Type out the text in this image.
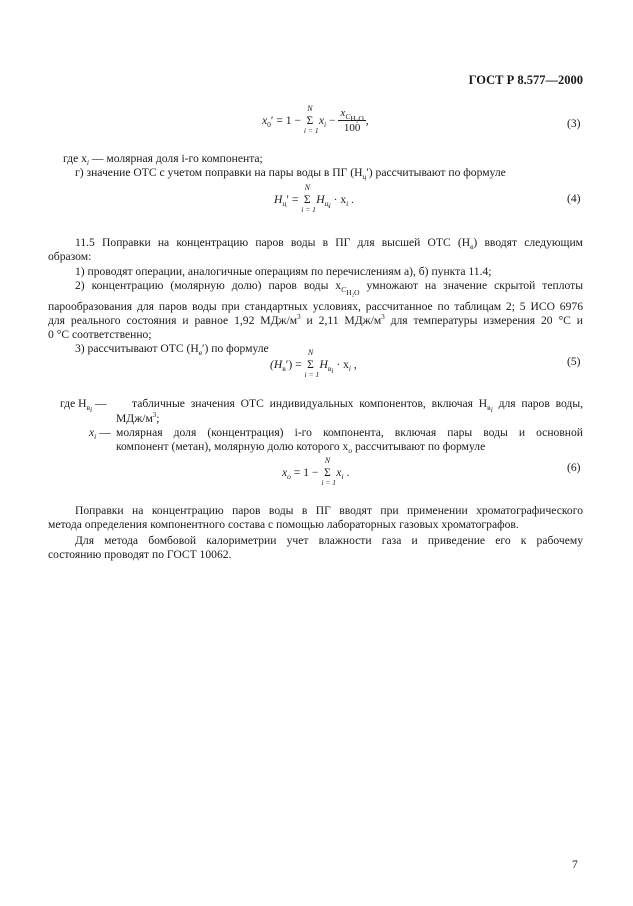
ГОСТ Р 8.577—2000
$x_0' = 1$ −
N
Σ
i = 1
$x_i - \frac{x_{CH_2O}}{100}$ ,	(3)
где $x_i$ — молярная доля i-го компонента;
г) значение ОТС с учетом поправки на пары воды в ПГ $(H_ц')$ рассчитывают по формуле
$H_ц'$ =
N
Σ
i = 1
$H_{цi} \cdot x_i$ .	(4)
11.5 Поправки на концентрацию паров воды в ПГ для высшей ОТС $(H_в)$ вводят следующим
образом:
1) проводят операции, аналогичные операциям по перечислениям а), б) пункта 11.4;
2) концентрацию (молярную долю) паров воды $x_{CH_2O}$ умножают на значение скрытой теплоты
парообразования для паров воды при стандартных условиях, рассчитанное по таблицам 2; 5 ИСО 6976
для реального состояния и равное 1,92 МДж/$м^3$ и 2,11 МДж/$м^3$ для температуры измерения 20 °С и
0 °С соответственно;
3) рассчитывают ОТС $(H_в')$ по формуле
$(H_в')$ =
N
Σ
i = 1
$H_{вi} \cdot x_i$ ,	(5)
где $H_{вi}$ — табличные значения ОТС индивидуальных компонентов, включая $H_{вi}$ для паров воды,
МДж/$м^3$;
$x_i$ — молярная доля (концентрация) i-го компонента, включая пары воды и основной
компонент (метан), молярную долю которого $x_о$ рассчитывают по формуле
$x_о = 1$ −
N
Σ
i = 1
$x_i$ .	(6)
Поправки на концентрацию паров воды в ПГ вводят при применении хроматографического
метода определения компонентного состава с помощью лабораторных газовых хроматографов.
Для метода бомбовой калориметрии учет влажности газа и приведение его к рабочему
состоянию проводят по ГОСТ 10062.
7
